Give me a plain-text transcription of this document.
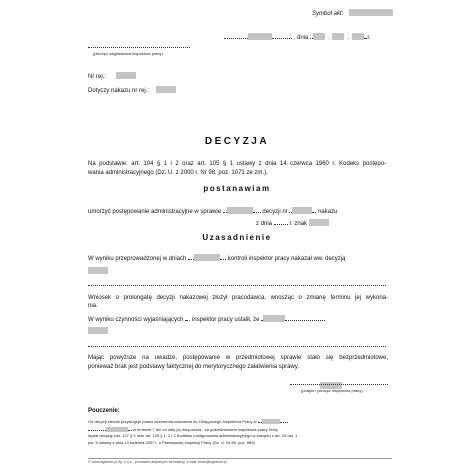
Symbol akt:
, dnia	.	.	r.
(pieczęć nagłówkowa inspektora pracy)
Nr rej.:
Dotyczy nakazu nr rej.:
DECYZJA
Na podstawie: art. 104 § 1 i 2 oraz art. 105 § 1 ustawy z dnia 14 czerwca 1960 r. Kodeks postępo-
wania administracyjnego (Dz. U. z 2000 r. Nr 98, poz. 1071 ze zm.),
postanawiam
umorzyć postępowanie administracyjne w sprawie	decyzji nr	nakazu
z dnia	r. znak
Uzasadnienie
W wyniku przeprowadzonej w dniach	kontroli inspektor pracy nakazał ww. decyzją
Wniosek o prolongatę decyzji nakazowej złożył pracodawca, wnosząc o zmianę terminu jej wykona-
nia.
W wyniku czynności wyjaśniających , inspektor pracy ustalił, że
Mając powyższe na uwadze, postępowanie w przedmiotowej sprawie stało się bezprzedmiotowe,
ponieważ brak jest podstawy faktycznej do merytorycznego załatwienia sprawy.
(podpis i pieczęć inspektora pracy)
Pouczenie:
Od decyzji stronie przysługuje prawo wniesienia odwołania do Okręgowego Inspektora Pracy w
w terminie 7 dni od daty jej doręczenia - za pośrednictwem inspektora pracy, który
wydał decyzję (art. 127 § 2 oraz art. 129 § 1, 2 i 3 Kodeksu postępowania administracyjnego w związku z art. 19 ust. 1
pkt. 5 ustawy z dnia 13 kwietnia 2007 r. o Państwowej Inspekcji Pracy (Dz. U. Nr 89, poz. 589).
© www.signform.pl Sp. z o.o., producent aktywnych formularzy, e-mail: biuro@signform.pl
